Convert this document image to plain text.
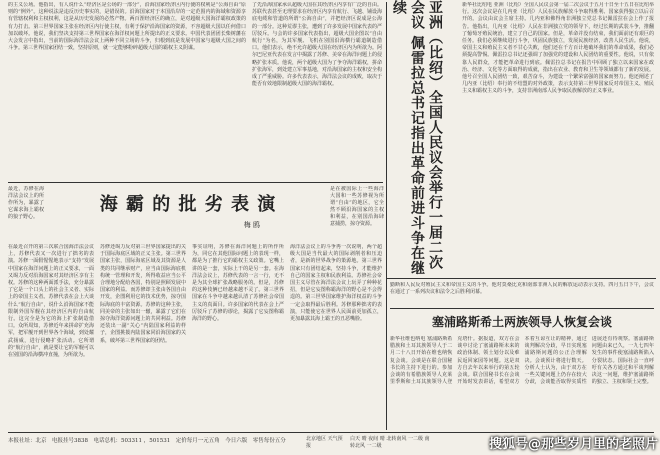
的主义公场。他指出，有人说什么“经济区是公场的一部分”，沿海国家经济区内行使的权利是“公海自由”原则的“例外”。这种说法是违反历史事实的，是错误的。沿海国家对于本国沿岸的一定范围内的海域和资源享有管辖权利和主权权利，这是从历史发展的必然产物。两百浬经济区的确立，是对超级大国海洋霸权政策的有力打击。第三世界国家主张在经济区内行使主权，有利于保护沿海国家的资源，不容超级大国以任何借口加以破坏。他说，我们坚决支持第三世界国家在海洋权问题上所提出的正义要求。中国代表团团长柴树藩在大会发言中指出，当前的国际海洋法会议上两种不同立场的斗争，归根到底是发展中国家与超级大国之间的斗争。第三世界国家团结一致，坚持原则，就一定能够粉碎超级大国的霸权主义阴谋。
了先沿海国家承认超级大国在其经济区内享有广泛的自由。苏联代表甚至无理要求在经济区内享有航行、飞越、铺设海底电缆和管道的所谓“公海自由”，并把经济区说成是公海的一部分。这种荒谬主张，遭到了许多发展中国家代表的严厉驳斥。与会的许多国家代表指出，超级大国企图以“自由航行”为名，为其军舰、飞机在别国沿海横行霸道制造借口。他们表示，绝不允许超级大国在经济区内为所欲为。阿尔巴尼亚代表在发言中揭露了苏修、美帝在海洋问题上的侵略扩张本质。他说，两个超级大国为了争夺海洋霸权，拼命扩张海军，到处建立军事基地，对沿海国家的主权和安全构成了严重威胁。许多代表表示，海洋法会议的成败，取决于能否有效地限制超级大国的海洋霸权。	亚洲（比绍）全国人民议会举行一届二次会议 佩雷拉总书记指出革命前进斗争在继续	新华社比绍电 亚洲（比绍）全国人民议会第一届二次会议于五月十日至十五日在比绍举行。这次会议是在几内亚（比绍）人民在民族解放斗争取得胜利、国家获得独立以后召开的。会议由议会主席主持。几内亚和佛得角非洲独立党总书记佩雷拉在会上作了报告。他指出，几内亚（比绍）人民在非洲独立党的领导下，经过长期的武装斗争，推翻了葡萄牙殖民统治，建立了自己的国家。但是，革命并没有结束，我们面前还有艰巨的任务。我们必须继续进行斗争，巩固民族独立，发展民族经济，改善人民生活。他说，帝国主义和殖民主义者不甘心失败，他们还在千方百计地破坏我们的革命成果，我们必须提高警惕。佩雷拉总书记还强调了加强党的建设和人民团结的重要性。他说，只有依靠人民群众，才能把革命进行到底。佩雷拉总书记在报告中回顾了独立以来国家在政治、经济、文化等方面取得的成就，指出在农业、教育和卫生等领域都有了新的发展。他号召全国人民团结一致，艰苦奋斗，为建设一个繁荣富强的国家而努力。他还阐述了几内亚（比绍）奉行的不结盟的对外政策，表示支持第三世界国家反对帝国主义、殖民主义和霸权主义的斗争，支持非洲南部人民争取民族解放的正义事业。
最近，苏修在海洋法会议上的所作所为，暴露了它谋求海上霸权的狼子野心。
海 霸 的 批 劣 表 演
梅 鸥
是在被国际上一些海洋大国和一些苏修视为所谓“自由”的地区，它全然不顾沿海国家的主权和利益，在别国沿海肆意捕捞，掠夺资源。
在最近召开的第三次联合国海洋法会议上，苏修代表又一次进行了拙劣的表演。苏修一面假惺惺地表示“支持”发展中国家在海洋问题上的正义要求，一面又竭力反对沿海国家对其经济区享有主权。苏修的这种两面派手法，充分暴露了它是一个口头上的社会主义者、实际上的帝国主义者。苏修代表在会上大谈什么“航行自由”，说什么沿海国家不能限制外国军舰在其经济区内的自由航行。这完全是为它的海上扩张制造借口。众所周知，苏修近年来拼命扩充海军，把军舰开到世界各个海域，到处耀武扬威，进行侵略扩张活动。它所谓的“航行自由”，就是要让它的军舰可以在别国的沿海横冲直撞，为所欲为。
苏修还竭力反对第三世界国家提出的关于国际海底区域的正义主张。第三世界国家主张，国际海底区域及其资源是人类的共同继承财产，应当由国际海底机构统一管理和开发，所得收益应当公平合理地分配给各国，特别是照顾发展中国家的利益。而苏修却主张由各国自由开发，企图利用它的技术优势，掠夺国际海底的丰富资源。苏修的这种主张，同美帝的主张如出一辙，暴露了它们在掠夺海洋资源问题上的共同利益。苏修还装出一副“关心”内陆国家利益的样子，企图挑拨内陆国家同沿海国家的关系，破坏第三世界国家的团结。
事实证明，苏修在海洋问题上的所作所为，同它在其他国际问题上的表现一样，都是为了推行它的霸权主义政策。它嘴上讲的是一套，实际上干的是另一套。在海洋法会议上，苏修代表的一言一行，无不是为其全球扩张战略服务的。但是，苏修的这种伎俩已经越来越不灵了。第三世界国家在斗争中越来越认清了苏修社会帝国主义的真面目。许多国家的代表在会上严厉驳斥了苏修的谬论，揭露了它妄图称霸海洋的野心。
海洋法会议上的斗争再一次说明，两个超级大国是当代最大的国际剥削者和压迫者，是新的世界战争的策源地。第三世界国家只有团结起来，坚持斗争，才能维护自己的国家主权和民族利益。苏修社会帝国主义尽管在海洋法会议上玩弄了种种花招，但是它妄图称霸海洋的野心是不会得逞的。第三世界国家维护海洋权益的斗争一定会取得最后胜利。苏修那种拙劣的表演，只能使它在世界人民面前更加孤立，更加暴露其海上霸王的丑恶嘴脸。
勤断和人民反对殖民主义和帝国主义的斗争。他对莫桑比克和南部非洲人民的解放运动表示支持。四月五日下午，会议在通过了一系列决议和法令之后胜利闭幕。
塞浦路斯希土两族领导人恢复会谈
新华社维也纳电 塞浦路斯希腊族和土耳其族领导人于二月二十八日开始在维也纳恢复会谈。会谈是在联合国秘书长的主持下进行的。参加会谈的有希腊族领导人克莱里季斯和土耳其族领导人登克塔什。据报道，双方在会谈中讨论了塞浦路斯未来的政治体制、领土划分以及难民返回家园等问题。这是双方自去年以来举行的第五轮会谈。联合国秘书长在会谈开始时发表讲话，希望双方本着互谅互让的精神，通过谈判解决分歧，早日实现塞浦路斯问题的公正合理解决。会谈预计将进行数天。分析人士认为，由于双方在一些关键问题上仍存在较大分歧，会谈能否取得实质性进展还有待观察。塞浦路斯问题由来已久，一九七四年发生的事件使塞浦路斯陷入分裂状态。国际社会一直呼吁有关各方通过和平谈判解决这一问题，维护塞浦路斯的独立、主权和领土完整。
本报社址：北京　电报挂号3838　电话总机：503311 ，501531　定价每月一元五角　今日六版　零售每份五分	北京地区 天气预报
白天 晴 夜间 晴 北转南风 一二级 南转北风 一二级	搜狐号@那些岁月里的老照片
